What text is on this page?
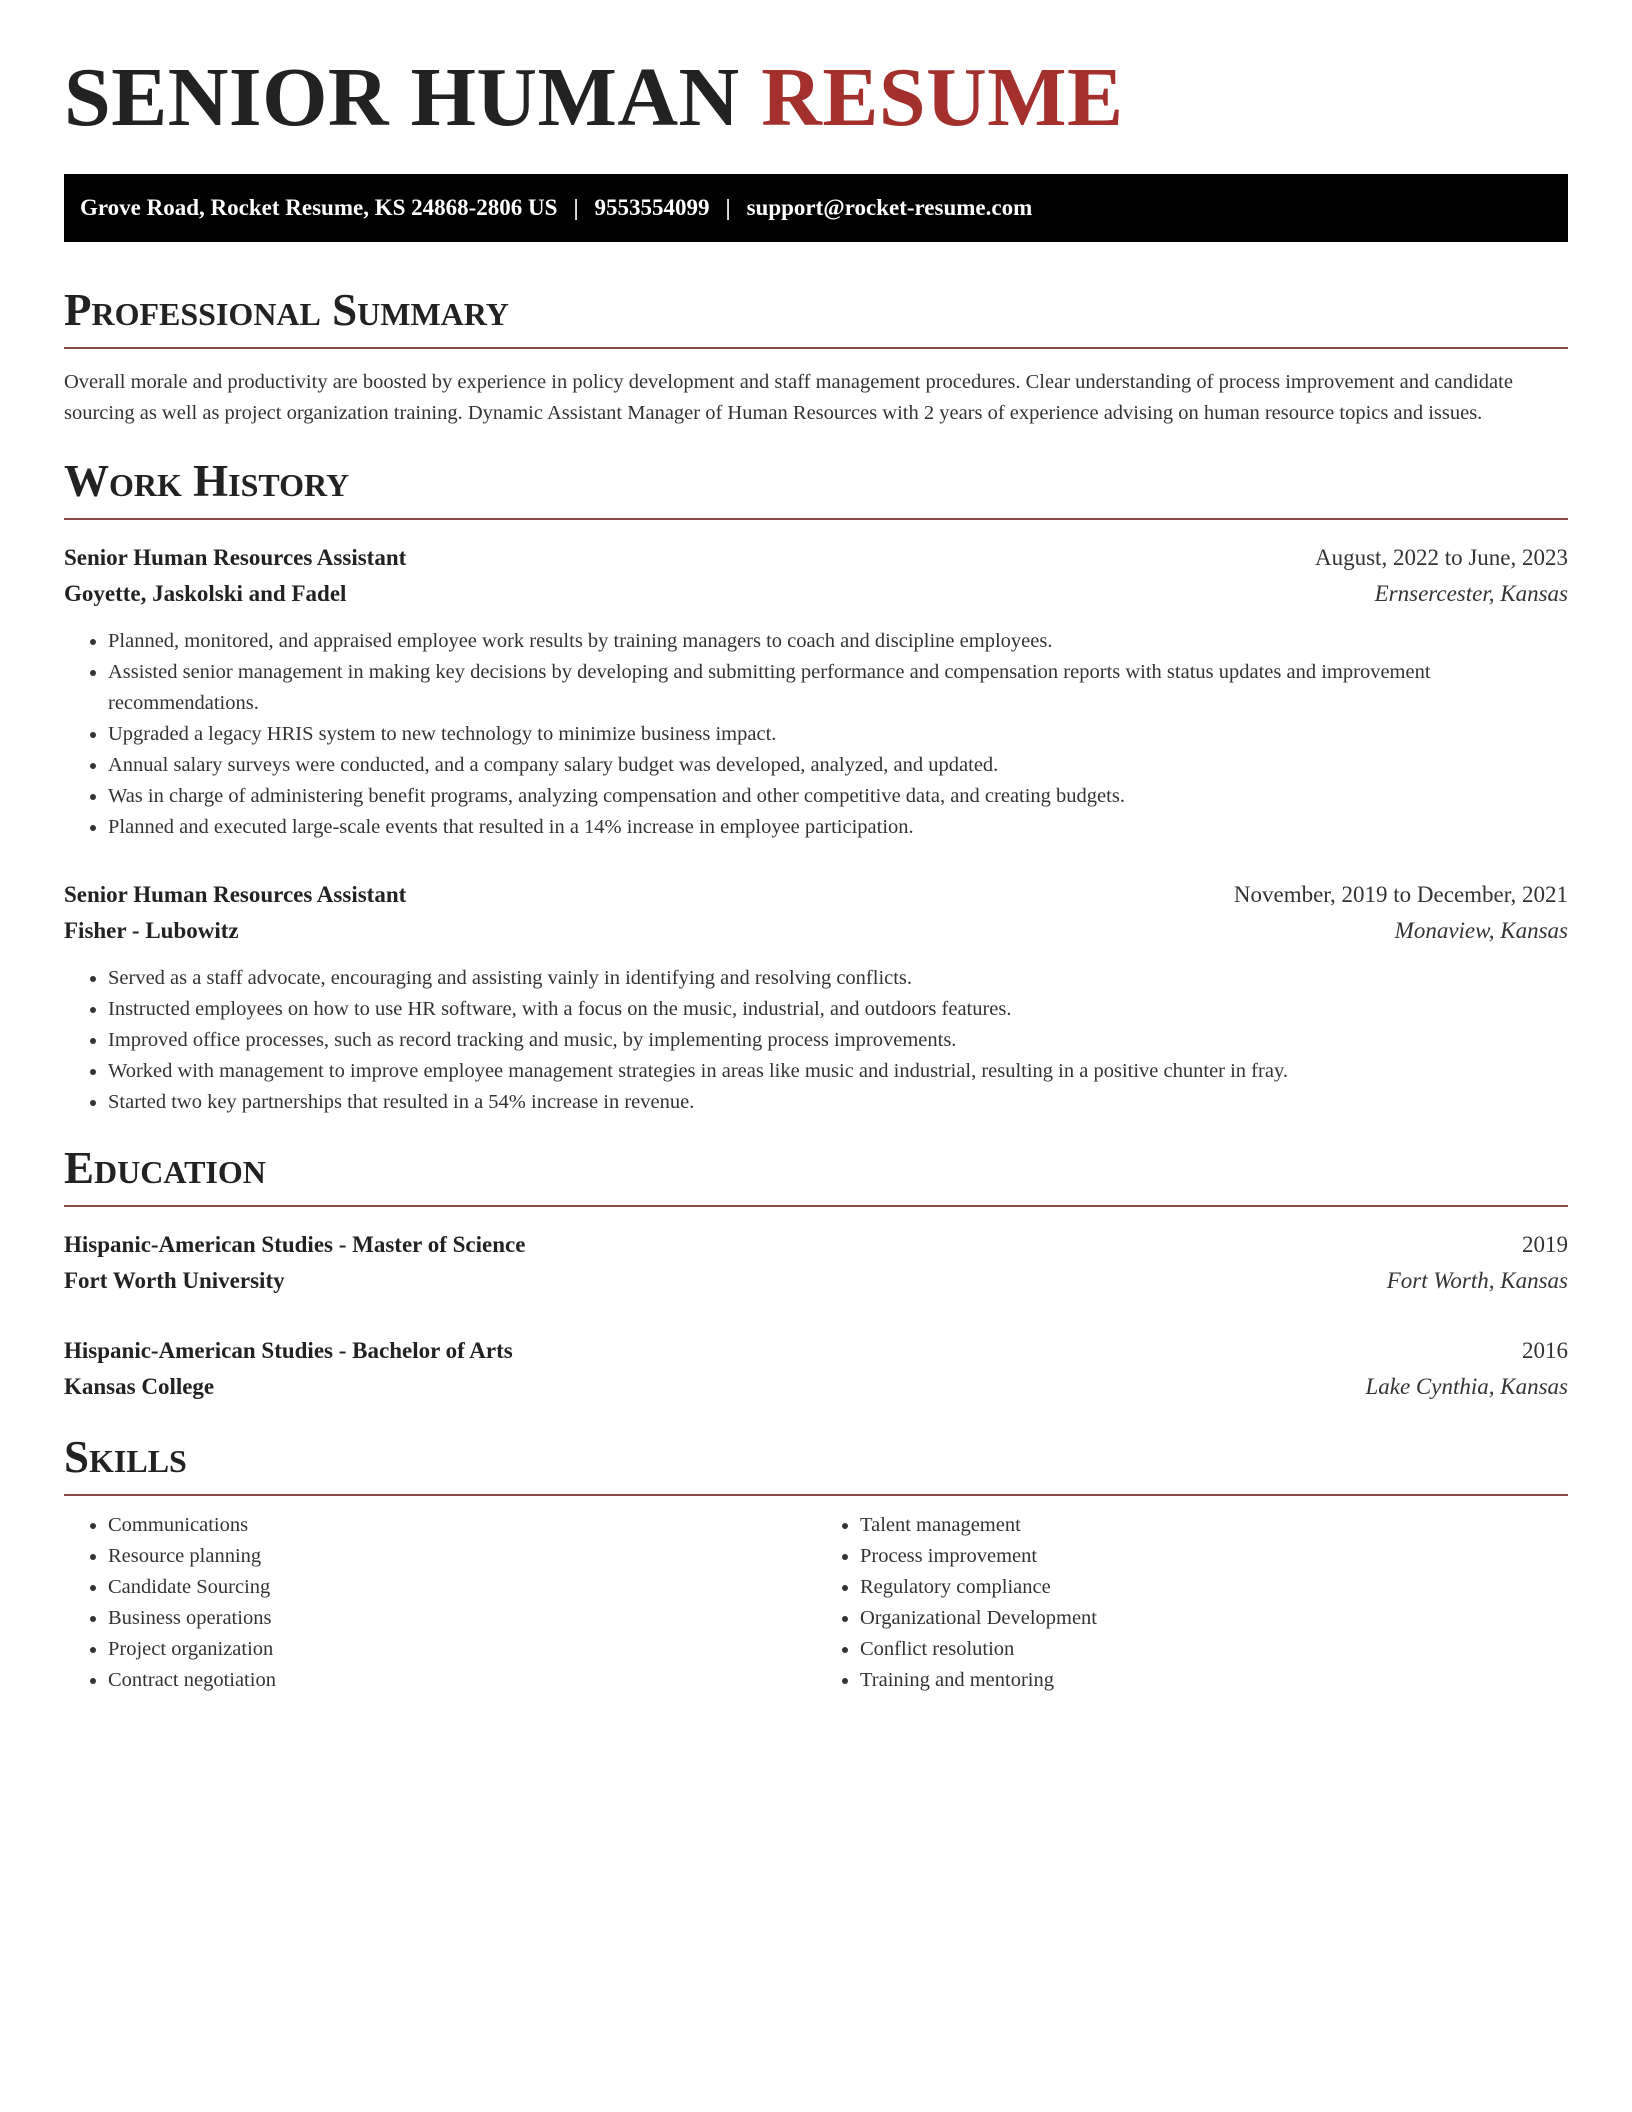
SENIOR HUMAN RESUME
Grove Road, Rocket Resume, KS 24868-2806 US | 9553554099 | support@rocket-resume.com
Professional Summary

Overall morale and productivity are boosted by experience in policy development and staff management procedures. Clear understanding of process improvement and candidate sourcing as well as project organization training. Dynamic Assistant Manager of Human Resources with 2 years of experience advising on human resource topics and issues.

Work History
Senior Human Resources Assistant	August, 2022 to June, 2023
Goyette, Jaskolski and Fadel	Ernsercester, Kansas
• Planned, monitored, and appraised employee work results by training managers to coach and discipline employees.
• Assisted senior management in making key decisions by developing and submitting performance and compensation reports with status updates and improvement recommendations.
• Upgraded a legacy HRIS system to new technology to minimize business impact.
• Annual salary surveys were conducted, and a company salary budget was developed, analyzed, and updated.
• Was in charge of administering benefit programs, analyzing compensation and other competitive data, and creating budgets.
• Planned and executed large-scale events that resulted in a 14% increase in employee participation.
Senior Human Resources Assistant	November, 2019 to December, 2021
Fisher - Lubowitz	Monaview, Kansas
• Served as a staff advocate, encouraging and assisting vainly in identifying and resolving conflicts.
• Instructed employees on how to use HR software, with a focus on the music, industrial, and outdoors features.
• Improved office processes, such as record tracking and music, by implementing process improvements.
• Worked with management to improve employee management strategies in areas like music and industrial, resulting in a positive chunter in fray.
• Started two key partnerships that resulted in a 54% increase in revenue.
Education
Hispanic-American Studies - Master of Science	2019
Fort Worth University	Fort Worth, Kansas
Hispanic-American Studies - Bachelor of Arts	2016
Kansas College	Lake Cynthia, Kansas
Skills
• Communications
• Resource planning
• Candidate Sourcing
• Business operations
• Project organization
• Contract negotiation
• Talent management
• Process improvement
• Regulatory compliance
• Organizational Development
• Conflict resolution
• Training and mentoring
